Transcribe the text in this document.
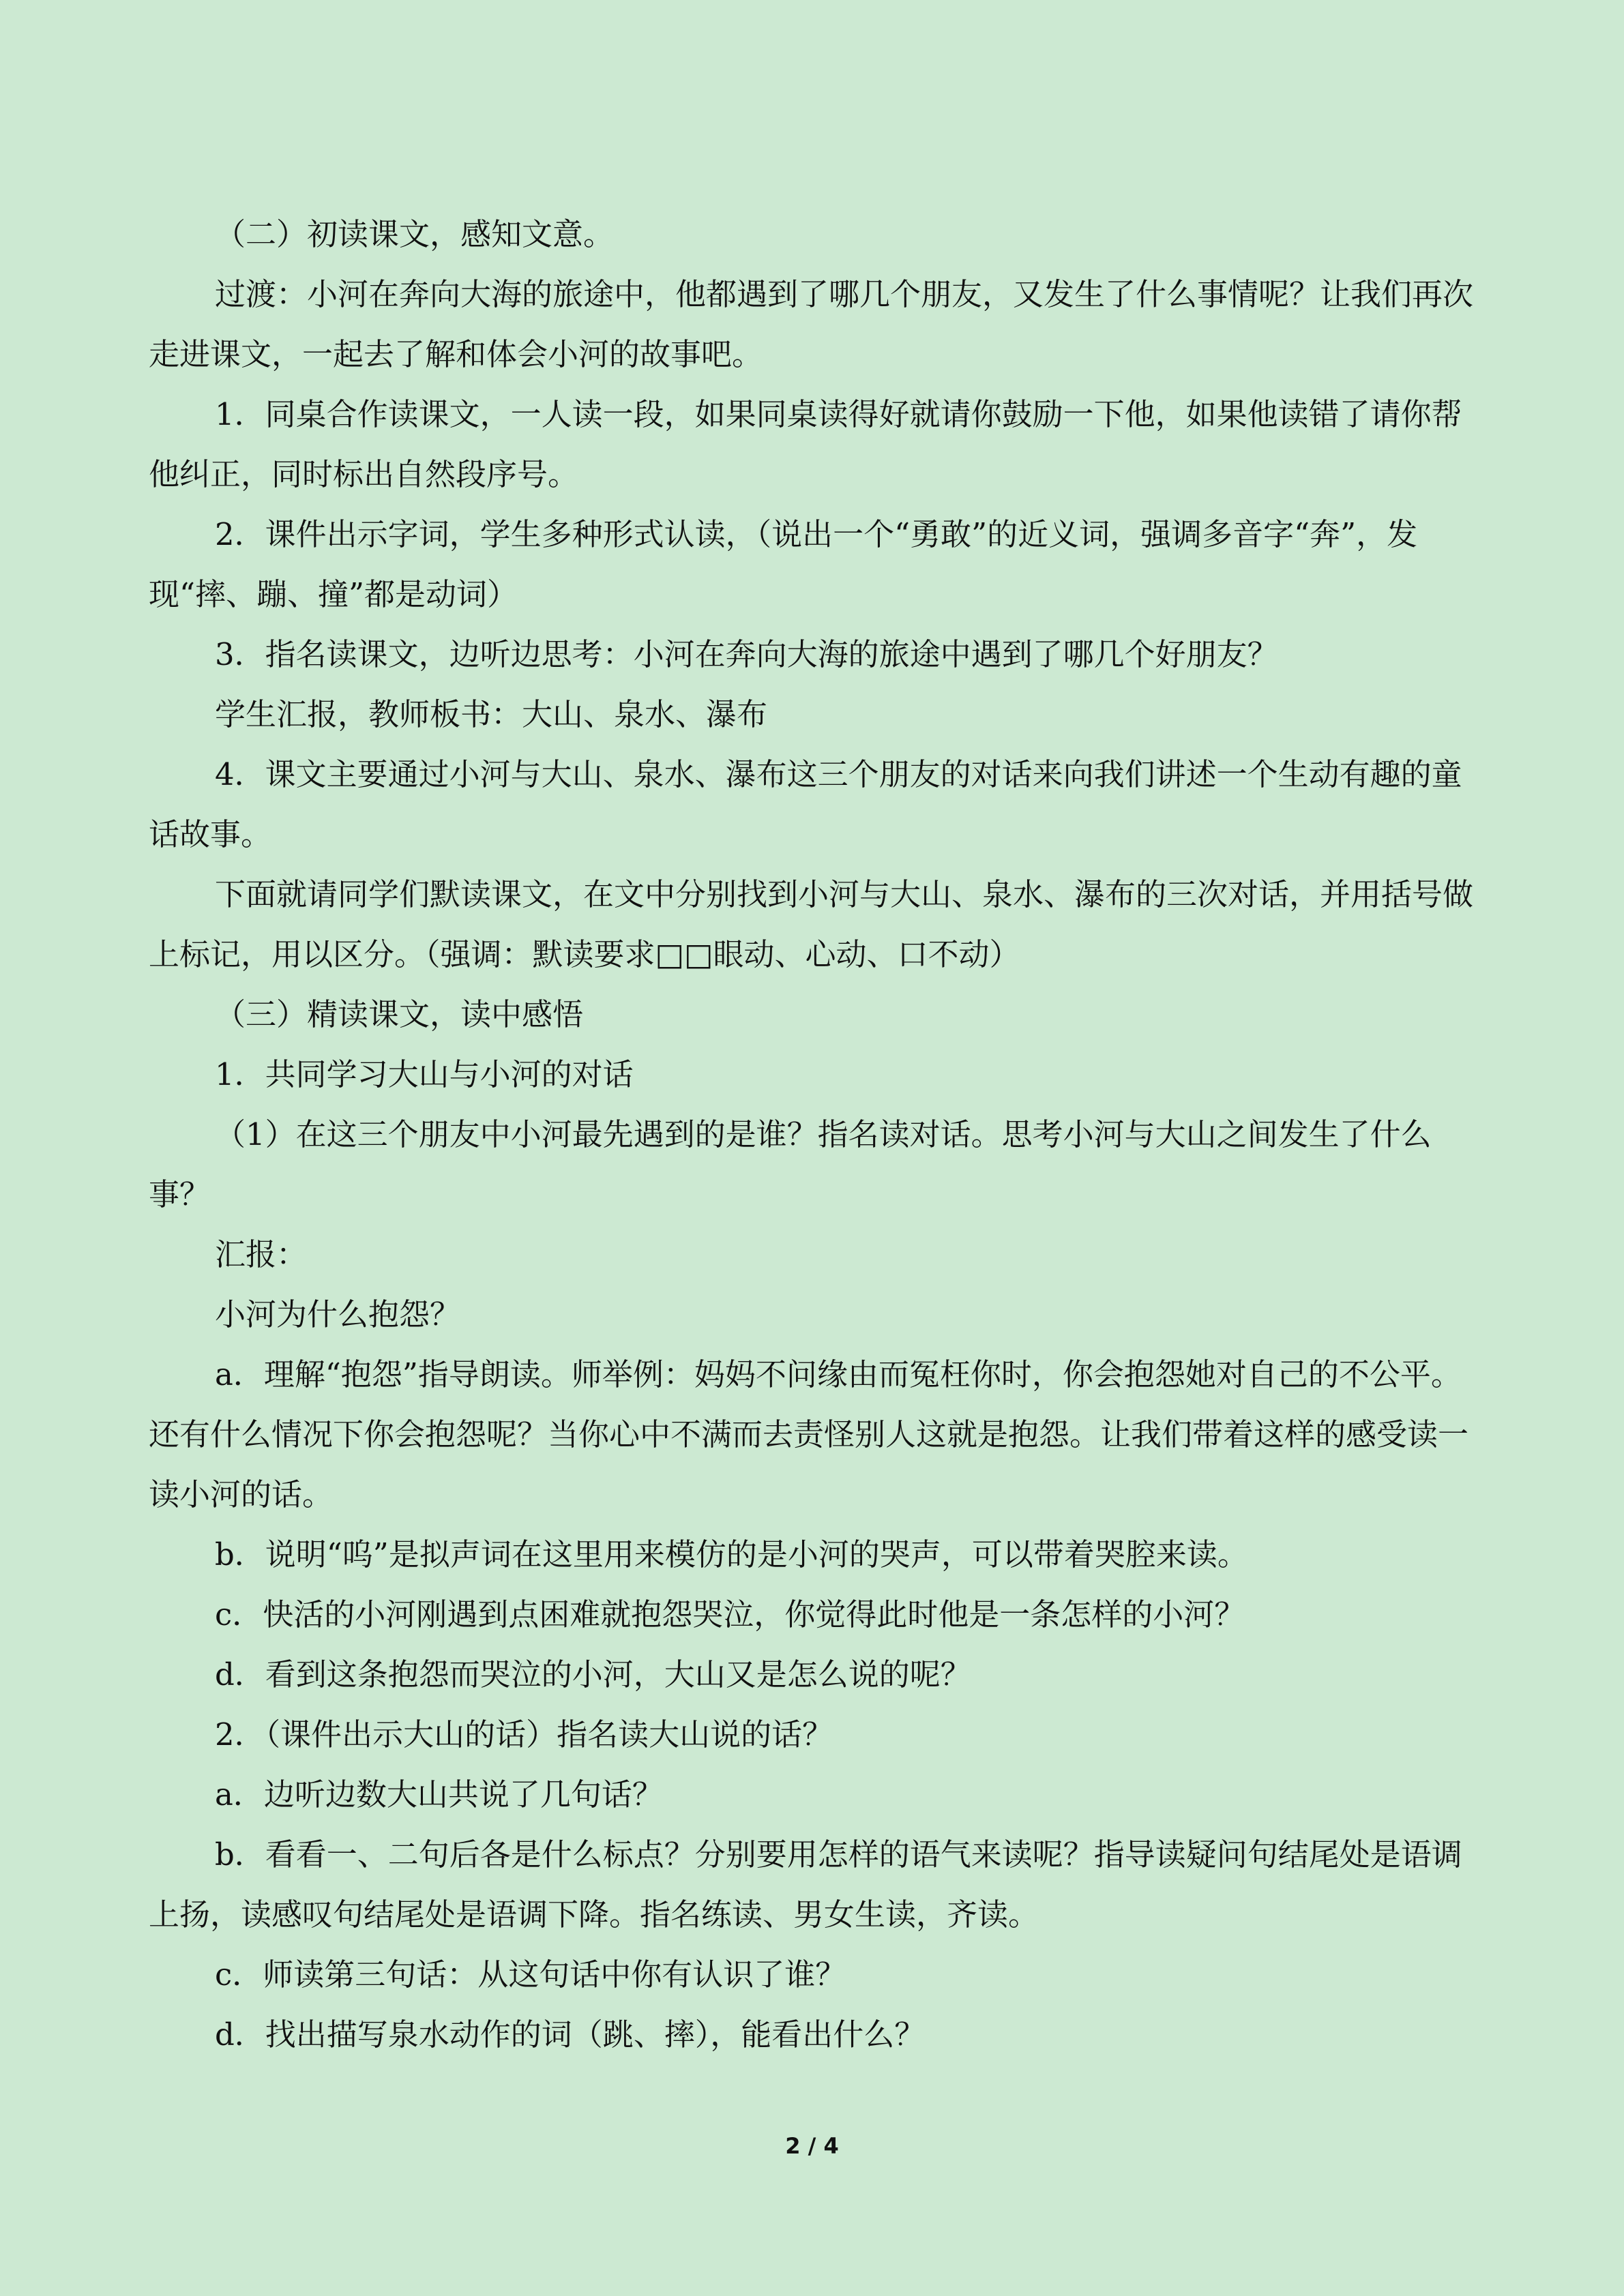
（二）初读课文，感知文意。

过渡：小河在奔向大海的旅途中，他都遇到了哪几个朋友，又发生了什么事情呢？让我们再次走进课文，一起去了解和体会小河的故事吧。

1．同桌合作读课文，一人读一段，如果同桌读得好就请你鼓励一下他，如果他读错了请你帮他纠正，同时标出自然段序号。

2．课件出示字词，学生多种形式认读，（说出一个“勇敢”的近义词，强调多音字“奔”，发现“摔、蹦、撞”都是动词）

3．指名读课文，边听边思考：小河在奔向大海的旅途中遇到了哪几个好朋友？

学生汇报，教师板书：大山、泉水、瀑布

4．课文主要通过小河与大山、泉水、瀑布这三个朋友的对话来向我们讲述一个生动有趣的童话故事。

下面就请同学们默读课文，在文中分别找到小河与大山、泉水、瀑布的三次对话，并用括号做上标记，用以区分。（强调：默读要求□□眼动、心动、口不动）

（三）精读课文，读中感悟

1．共同学习大山与小河的对话

（1）在这三个朋友中小河最先遇到的是谁？指名读对话。思考小河与大山之间发生了什么事？

汇报：

小河为什么抱怨？

a．理解“抱怨”指导朗读。师举例：妈妈不问缘由而冤枉你时，你会抱怨她对自己的不公平。还有什么情况下你会抱怨呢？当你心中不满而去责怪别人这就是抱怨。让我们带着这样的感受读一读小河的话。

b．说明“呜”是拟声词在这里用来模仿的是小河的哭声，可以带着哭腔来读。

c．快活的小河刚遇到点困难就抱怨哭泣，你觉得此时他是一条怎样的小河？

d．看到这条抱怨而哭泣的小河，大山又是怎么说的呢？

2．（课件出示大山的话）指名读大山说的话？

a．边听边数大山共说了几句话？

b．看看一、二句后各是什么标点？分别要用怎样的语气来读呢？指导读疑问句结尾处是语调上扬，读感叹句结尾处是语调下降。指名练读、男女生读，齐读。

c．师读第三句话：从这句话中你有认识了谁？

d．找出描写泉水动作的词（跳、摔），能看出什么？

2 / 4
